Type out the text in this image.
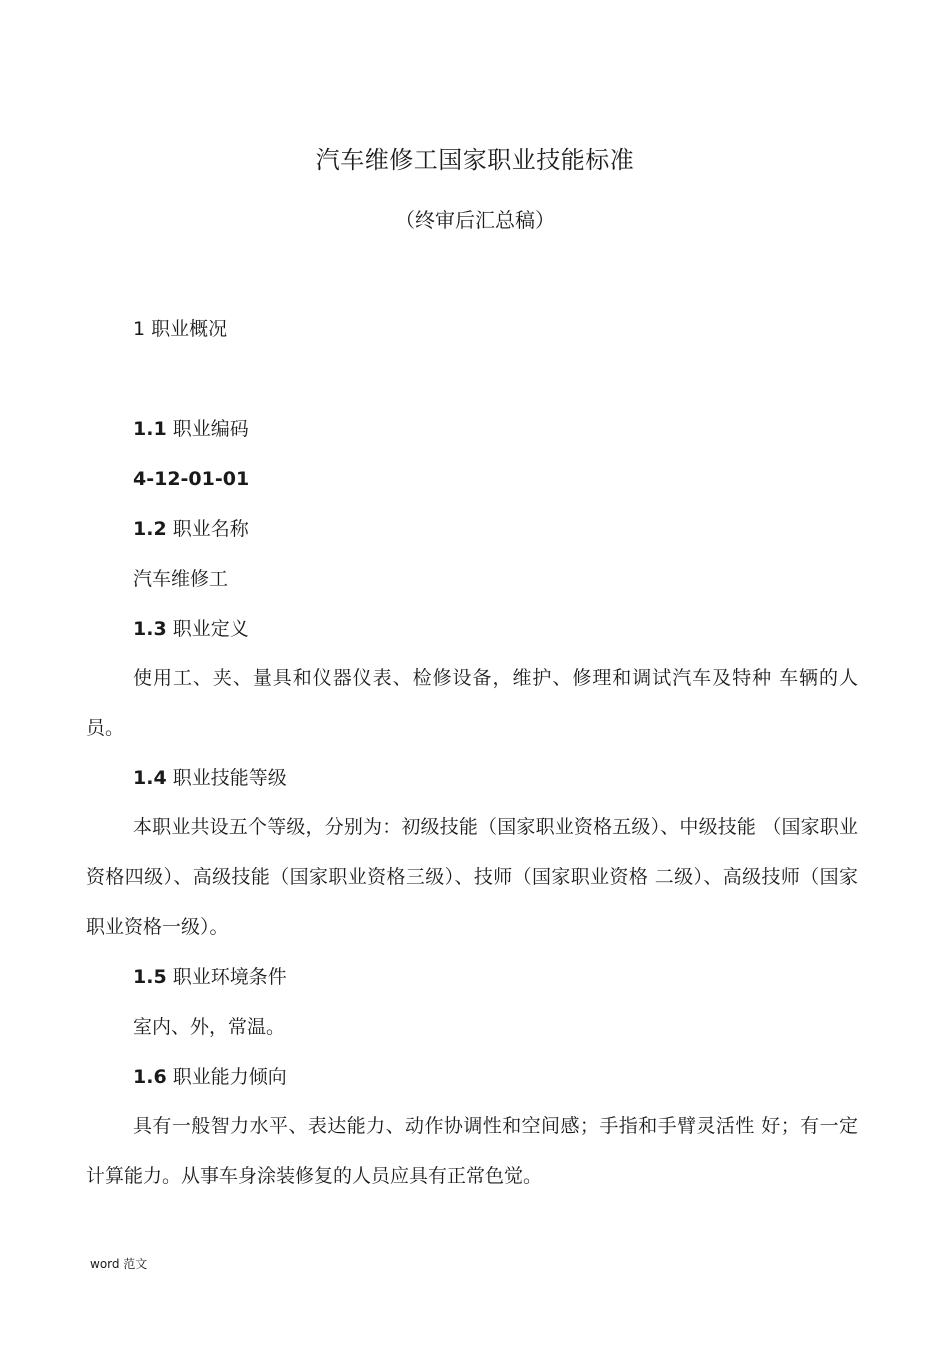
汽车维修工国家职业技能标准
（终审后汇总稿）
1 职业概况
1.1 职业编码
4-12-01-01
1.2 职业名称
汽车维修工
1.3 职业定义
使用工、夹、量具和仪器仪表、检修设备，维护、修理和调试汽车及特种 车辆的人员。
1.4 职业技能等级
本职业共设五个等级，分别为：初级技能（国家职业资格五级）、中级技能 （国家职业资格四级）、高级技能（国家职业资格三级）、技师（国家职业资格 二级）、高级技师（国家职业资格一级）。
1.5 职业环境条件
室内、外，常温。
1.6 职业能力倾向
具有一般智力水平、表达能力、动作协调性和空间感；手指和手臂灵活性 好；有一定计算能力。从事车身涂装修复的人员应具有正常色觉。
word 范文
